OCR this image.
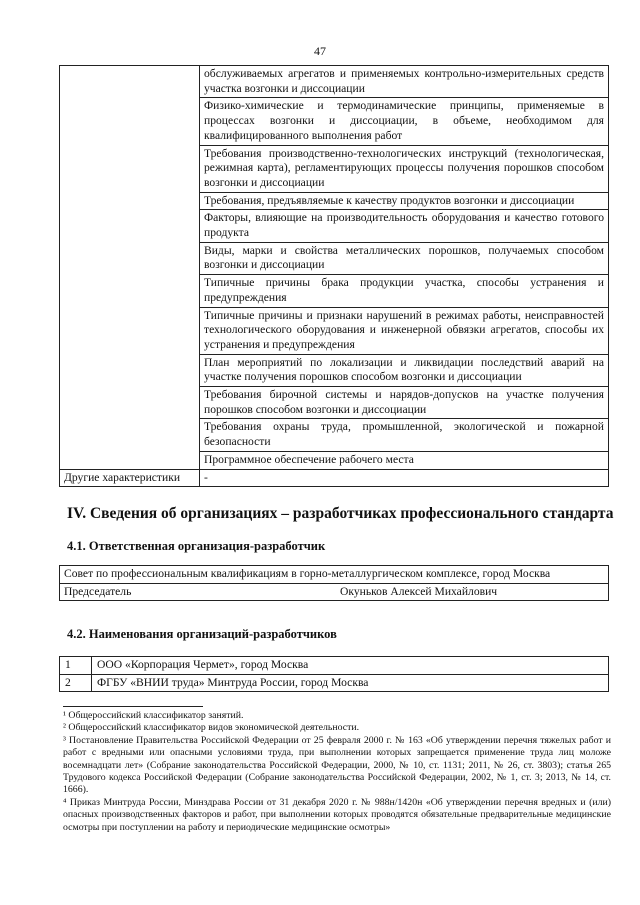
47
	обслуживаемых агрегатов и применяемых контрольно-измерительных средств участка возгонки и диссоциации
	Физико-химические и термодинамические принципы, применяемые в процессах возгонки и диссоциации, в объеме, необходимом для квалифицированного выполнения работ
	Требования производственно-технологических инструкций (технологическая, режимная карта), регламентирующих процессы получения порошков способом возгонки и диссоциации
	Требования, предъявляемые к качеству продуктов возгонки и диссоциации
	Факторы, влияющие на производительность оборудования и качество готового продукта
	Виды, марки и свойства металлических порошков, получаемых способом возгонки и диссоциации
	Типичные причины брака продукции участка, способы устранения и предупреждения
	Типичные причины и признаки нарушений в режимах работы, неисправностей технологического оборудования и инженерной обвязки агрегатов, способы их устранения и предупреждения
	План мероприятий по локализации и ликвидации последствий аварий на участке получения порошков способом возгонки и диссоциации
	Требования бирочной системы и нарядов-допусков на участке получения порошков способом возгонки и диссоциации
	Требования охраны труда, промышленной, экологической и пожарной безопасности
	Программное обеспечение рабочего места
Другие характеристики	-
IV. Сведения об организациях – разработчиках профессионального стандарта
4.1. Ответственная организация-разработчик
Совет по профессиональным квалификациям в горно-металлургическом комплексе, город Москва

Председатель	Окуньков Алексей Михайлович
4.2. Наименования организаций-разработчиков
1	ООО «Корпорация Чермет», город Москва
2	ФГБУ «ВНИИ труда» Минтруда России, город Москва

¹ Общероссийский классификатор занятий.

² Общероссийский классификатор видов экономической деятельности.

³ Постановление Правительства Российской Федерации от 25 февраля 2000 г. № 163 «Об утверждении перечня тяжелых работ и работ с вредными или опасными условиями труда, при выполнении которых запрещается применение труда лиц моложе восемнадцати лет» (Собрание законодательства Российской Федерации, 2000, № 10, ст. 1131; 2011, № 26, ст. 3803); статья 265 Трудового кодекса Российской Федерации (Собрание законодательства Российской Федерации, 2002, № 1, ст. 3; 2013, № 14, ст. 1666).

⁴ Приказ Минтруда России, Минздрава России от 31 декабря 2020 г. № 988н/1420н «Об утверждении перечня вредных и (или) опасных производственных факторов и работ, при выполнении которых проводятся обязательные предварительные медицинские осмотры при поступлении на работу и периодические медицинские осмотры»
